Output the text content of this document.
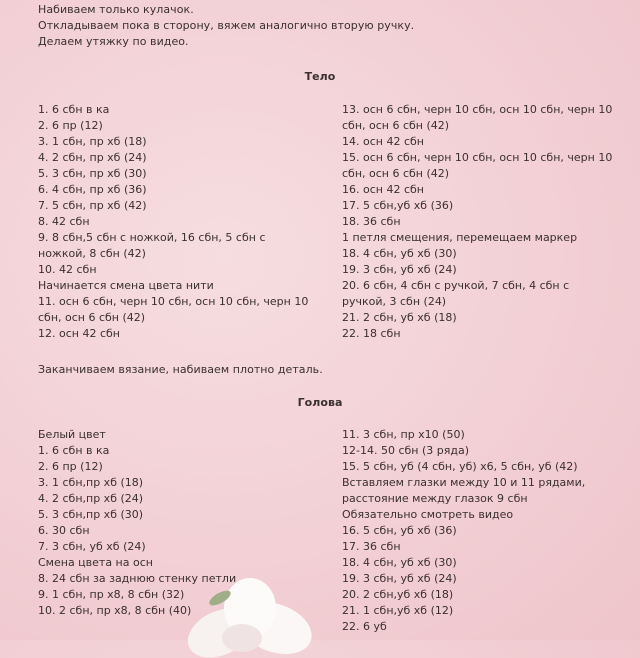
Набиваем только кулачок.
Откладываем пока в сторону, вяжем аналогично вторую ручку.
Делаем утяжку по видео.
Тело
1. 6 сбн в ка
2. 6 пр (12)
3. 1 сбн, пр хб (18)
4. 2 сбн, пр хб (24)
5. 3 сбн, пр хб (30)
6. 4 сбн, пр хб (36)
7. 5 сбн, пр хб (42)
8. 42 сбн
9. 8 сбн,5 сбн с ножкой, 16 сбн, 5 сбн с
ножкой, 8 сбн (42)
10. 42 сбн
Начинается смена цвета нити
11. осн 6 сбн, черн 10 сбн, осн 10 сбн, черн 10
сбн, осн 6 сбн (42)
12. осн 42 сбн
13. осн 6 сбн, черн 10 сбн, осн 10 сбн, черн 10
сбн, осн 6 сбн (42)
14. осн 42 сбн
15. осн 6 сбн, черн 10 сбн, осн 10 сбн, черн 10
сбн, осн 6 сбн (42)
16. осн 42 сбн
17. 5 сбн,уб хб (36)
18. 36 сбн
1 петля смещения, перемещаем маркер
18. 4 сбн, уб хб (30)
19. 3 сбн, уб хб (24)
20. 6 сбн, 4 сбн с ручкой, 7 сбн, 4 сбн с
ручкой, 3 сбн (24)
21. 2 сбн, уб хб (18)
22. 18 сбн
Заканчиваем вязание, набиваем плотно деталь.
Голова
Белый цвет
1. 6 сбн в ка
2. 6 пр (12)
3. 1 сбн,пр хб (18)
4. 2 сбн,пр хб (24)
5. 3 сбн,пр хб (30)
6. 30 сбн
7. 3 сбн, уб хб (24)
Смена цвета на осн
8. 24 сбн за заднюю стенку петли
9. 1 сбн, пр х8, 8 сбн (32)
10. 2 сбн, пр х8, 8 сбн (40)
11. 3 сбн, пр х10 (50)
12-14. 50 сбн (3 ряда)
15. 5 сбн, уб (4 сбн, уб) х6, 5 сбн, уб (42)
Вставляем глазки между 10 и 11 рядами,
расстояние между глазок 9 сбн
Обязательно смотреть видео
16. 5 сбн, уб хб (36)
17. 36 сбн
18. 4 сбн, уб хб (30)
19. 3 сбн, уб хб (24)
20. 2 сбн,уб хб (18)
21. 1 сбн,уб хб (12)
22. 6 уб
